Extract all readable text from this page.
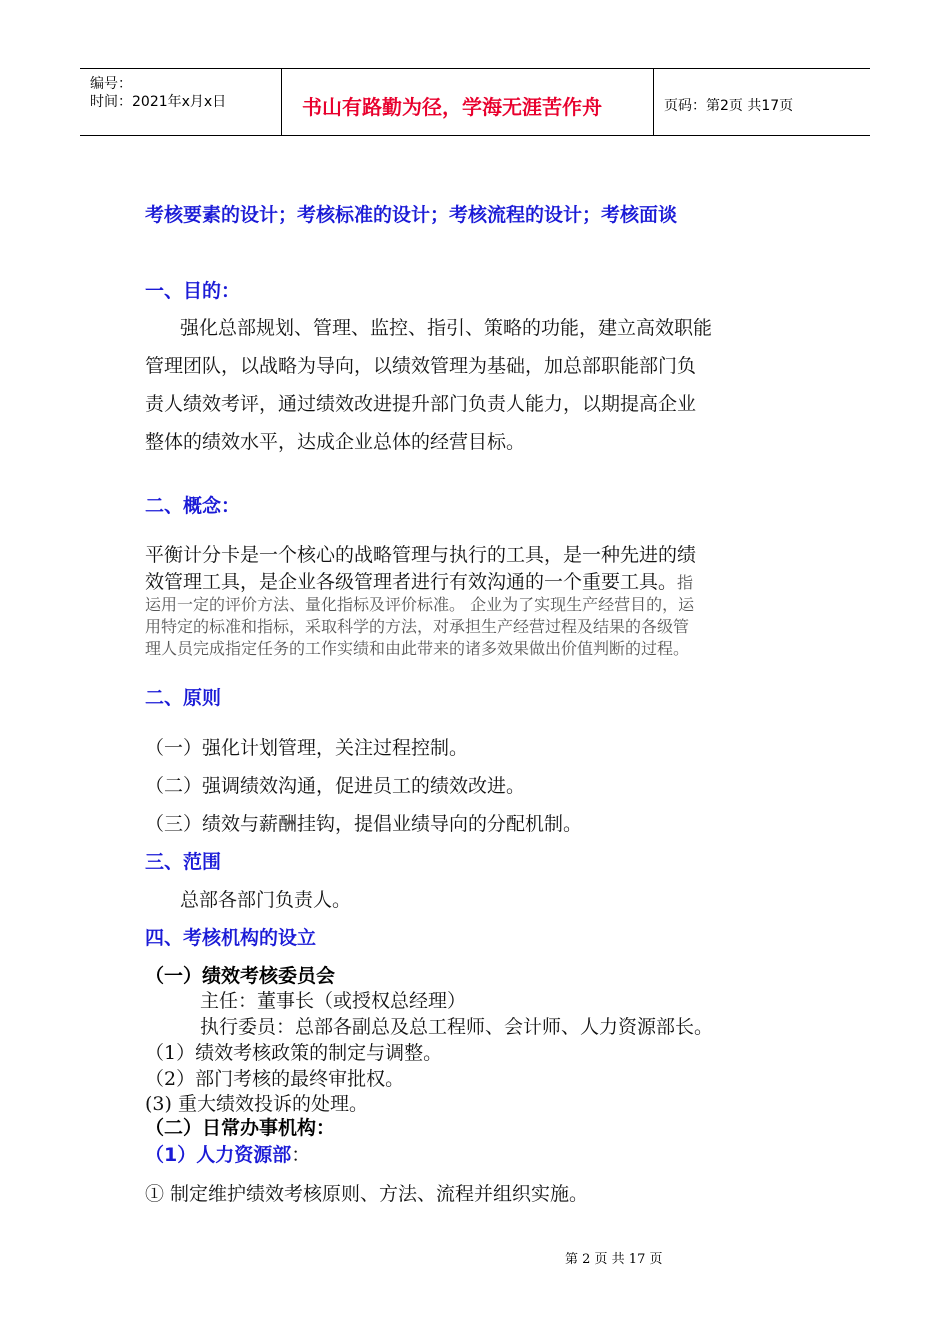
编号：
时间：2021年x月x日	书山有路勤为径，学海无涯苦作舟	页码：第2页 共17页
考核要素的设计；考核标准的设计；考核流程的设计；考核面谈
一、目的：
强化总部规划、管理、监控、指引、策略的功能，建立高效职能
管理团队，以战略为导向，以绩效管理为基础，加总部职能部门负
责人绩效考评，通过绩效改进提升部门负责人能力，以期提高企业
整体的绩效水平，达成企业总体的经营目标。
二、概念：
平衡计分卡是一个核心的战略管理与执行的工具，是一种先进的绩
效管理工具，是企业各级管理者进行有效沟通的一个重要工具。指
运用一定的评价方法、量化指标及评价标准。 企业为了实现生产经营目的，运
用特定的标准和指标，采取科学的方法，对承担生产经营过程及结果的各级管
理人员完成指定任务的工作实绩和由此带来的诸多效果做出价值判断的过程。
二、原则
（一）强化计划管理，关注过程控制。
（二）强调绩效沟通，促进员工的绩效改进。
（三）绩效与薪酬挂钩，提倡业绩导向的分配机制。
三、范围
总部各部门负责人。
四、考核机构的设立
（一）绩效考核委员会
主任：董事长（或授权总经理）
执行委员：总部各副总及总工程师、会计师、人力资源部长。
（1）绩效考核政策的制定与调整。
（2）部门考核的最终审批权。
(3) 重大绩效投诉的处理。
（二）日常办事机构：
（1）人力资源部：
① 制定维护绩效考核原则、方法、流程并组织实施。
第 2 页 共 17 页
